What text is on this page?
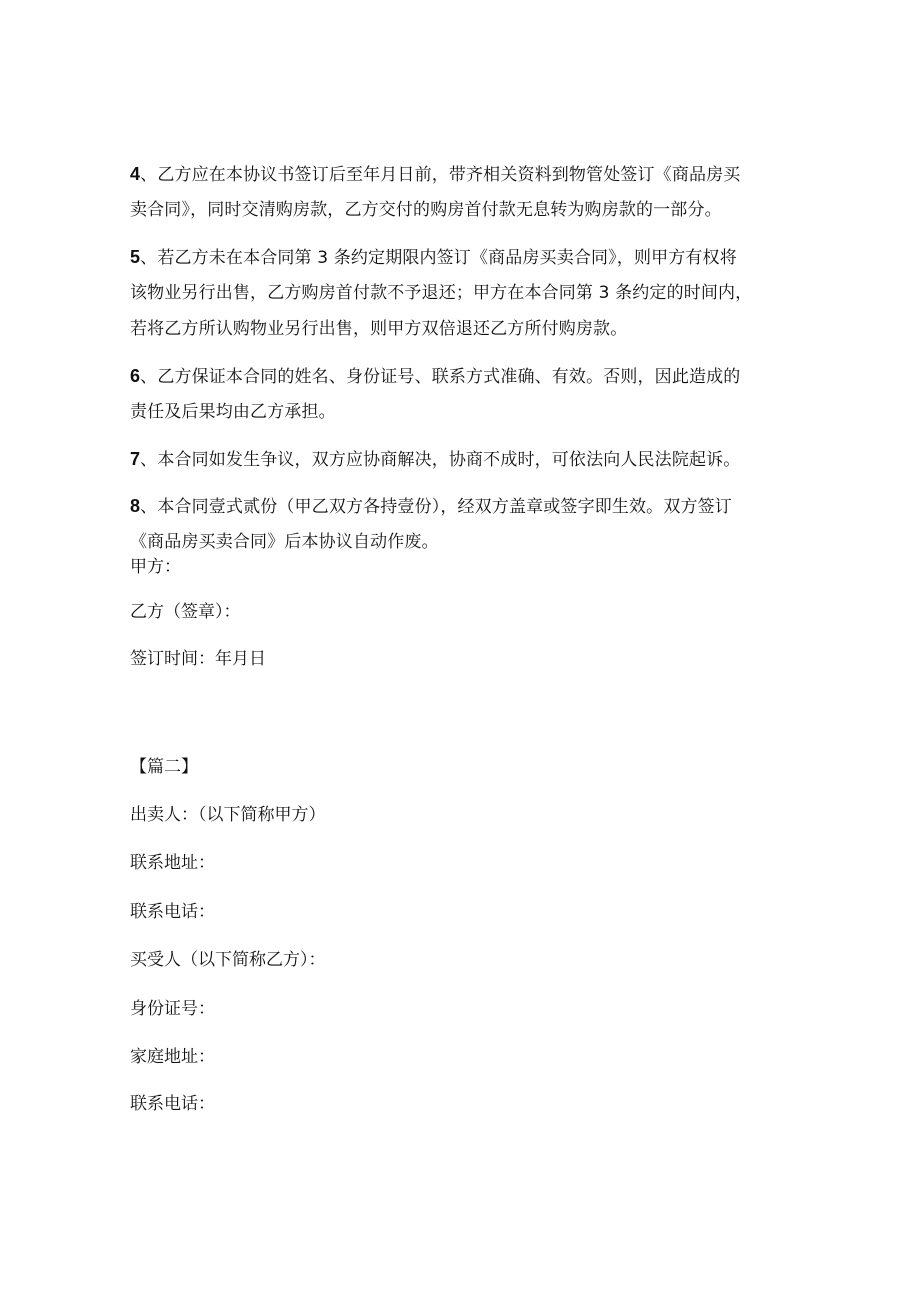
4、乙方应在本协议书签订后至年月日前，带齐相关资料到物管处签订《商品房买
卖合同》，同时交清购房款，乙方交付的购房首付款无息转为购房款的一部分。
5、若乙方未在本合同第 3 条约定期限内签订《商品房买卖合同》，则甲方有权将
该物业另行出售，乙方购房首付款不予退还；甲方在本合同第 3 条约定的时间内，
若将乙方所认购物业另行出售，则甲方双倍退还乙方所付购房款。
6、乙方保证本合同的姓名、身份证号、联系方式准确、有效。否则，因此造成的
责任及后果均由乙方承担。
7、本合同如发生争议，双方应协商解决，协商不成时，可依法向人民法院起诉。
8、本合同壹式贰份（甲乙双方各持壹份），经双方盖章或签字即生效。双方签订
《商品房买卖合同》后本协议自动作废。
甲方：
乙方（签章）：
签订时间：年月日
【篇二】
出卖人：（以下简称甲方）
联系地址：
联系电话：
买受人（以下简称乙方）：
身份证号：
家庭地址：
联系电话：
